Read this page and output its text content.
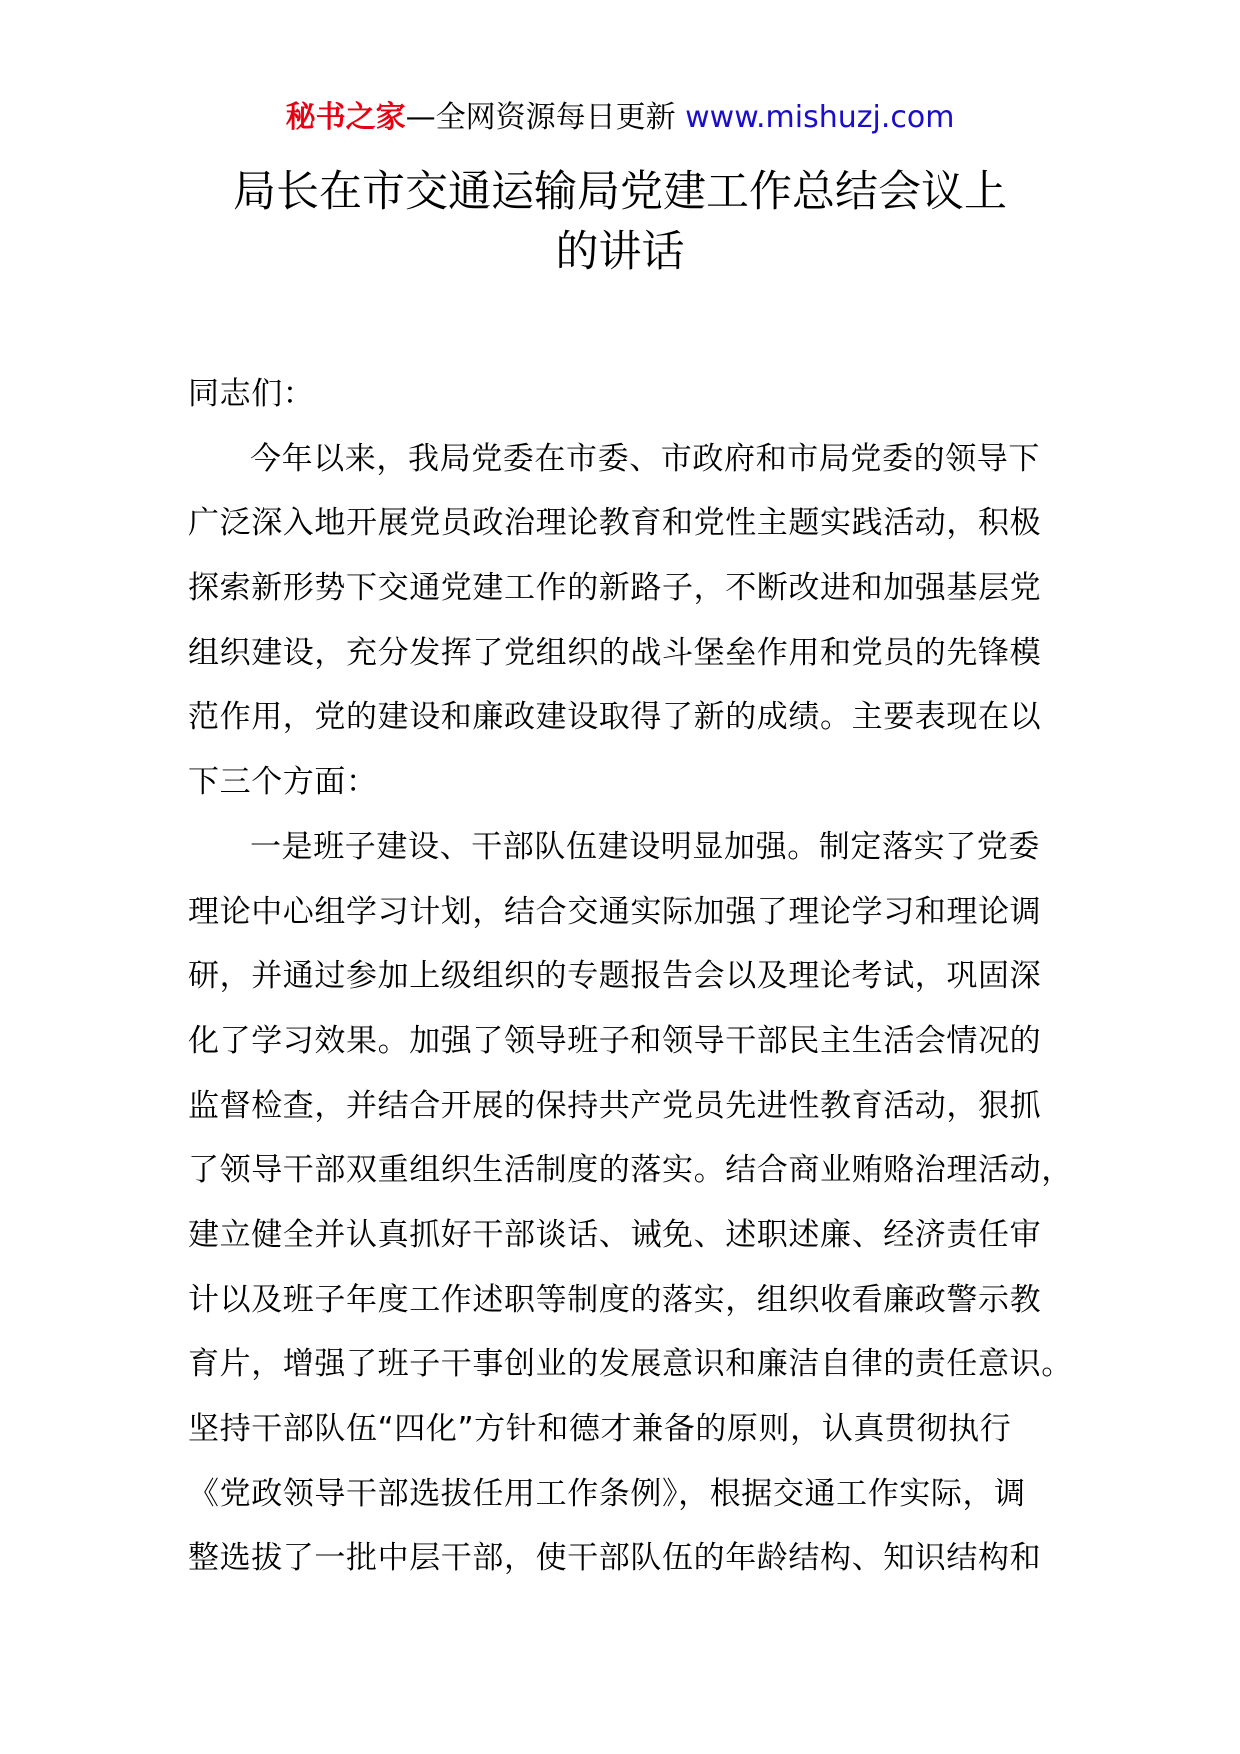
秘书之家—全网资源每日更新 www.mishuzj.com
局长在市交通运输局党建工作总结会议上
的讲话
同志们：
今年以来，我局党委在市委、市政府和市局党委的领导下
广泛深入地开展党员政治理论教育和党性主题实践活动，积极
探索新形势下交通党建工作的新路子，不断改进和加强基层党
组织建设，充分发挥了党组织的战斗堡垒作用和党员的先锋模
范作用，党的建设和廉政建设取得了新的成绩。主要表现在以
下三个方面：
一是班子建设、干部队伍建设明显加强。制定落实了党委
理论中心组学习计划，结合交通实际加强了理论学习和理论调
研，并通过参加上级组织的专题报告会以及理论考试，巩固深
化了学习效果。加强了领导班子和领导干部民主生活会情况的
监督检查，并结合开展的保持共产党员先进性教育活动，狠抓
了领导干部双重组织生活制度的落实。结合商业贿赂治理活动，
建立健全并认真抓好干部谈话、诫免、述职述廉、经济责任审
计以及班子年度工作述职等制度的落实，组织收看廉政警示教
育片，增强了班子干事创业的发展意识和廉洁自律的责任意识。
坚持干部队伍“四化”方针和德才兼备的原则，认真贯彻执行
《党政领导干部选拔任用工作条例》，根据交通工作实际，调
整选拔了一批中层干部，使干部队伍的年龄结构、知识结构和
